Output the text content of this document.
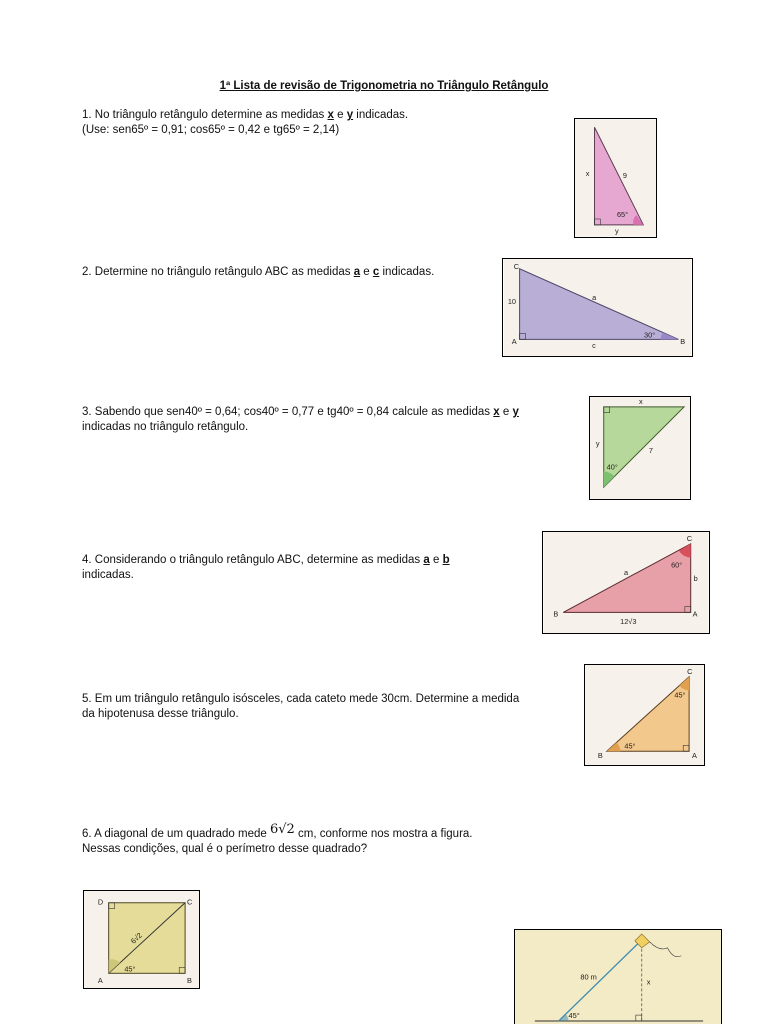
1ª Lista de revisão de Trigonometria no Triângulo Retângulo
1. No triângulo retângulo determine as medidas x e y indicadas.
(Use: sen65º = 0,91; cos65º = 0,42 e tg65º = 2,14)
x	9
65°
y
2. Determine no triângulo retângulo ABC as medidas a e c indicadas.	C
10	a
30°
A	c	B
3. Sabendo que sen40º = 0,64; cos40º = 0,77 e tg40º = 0,84 calcule as medidas x e y
indicadas no triângulo retângulo.
x
y
7
40°
4. Considerando o triângulo retângulo ABC, determine as medidas a e b
indicadas.
C
60°
a
b
B	A
12√3
5. Em um triângulo retângulo isósceles, cada cateto mede 30cm. Determine a medida
da hipotenusa desse triângulo.
C
45°
45°
B	A
6. A diagonal de um quadrado mede 6√2 cm, conforme nos mostra a figura.
Nessas condições, qual é o perímetro desse quadrado?
D	C
6√2
45°
A	B	80 m
x
45°
